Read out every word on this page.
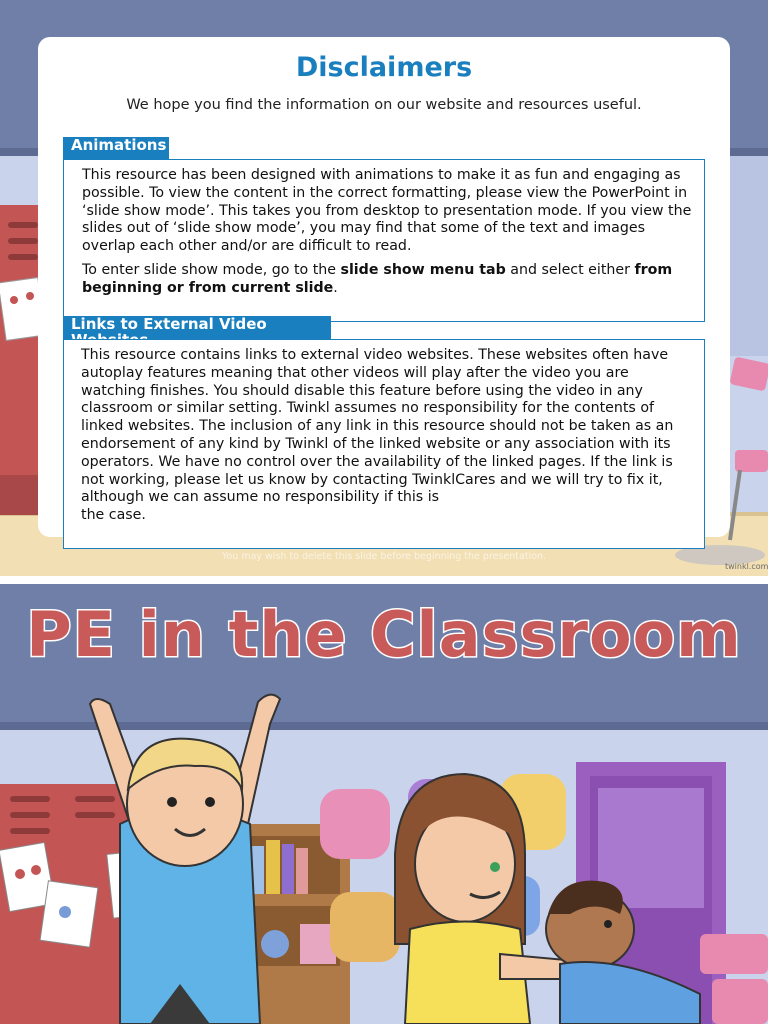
Disclaimers

We hope you find the information on our website and resources useful.

Animations

This resource has been designed with animations to make it as fun and engaging as possible. To view the content in the correct formatting, please view the PowerPoint in ‘slide show mode’. This takes you from desktop to presentation mode. If you view the slides out of ‘slide show mode’, you may find that some of the text and images overlap each other and/or are difficult to read.

To enter slide show mode, go to the slide show menu tab and select either from beginning or from current slide.

Links to External Video

This resource contains links to external video websites. These websites often have autoplay features meaning that other videos will play after the video you are watching finishes. You should disable this feature before using the video in any classroom or similar setting. Twinkl assumes no responsibility for the contents of linked websites. The inclusion of any link in this resource should not be taken as an endorsement of any kind by Twinkl of the linked website or any association with its operators. We have no control over the availability of the linked pages. If the link is not working, please let us know by contacting TwinklCares and we will try to fix it, although we can assume no responsibility if this is

the case.

You may wish to delete this slide before beginning the presentation.
twinkl.com
PE in the Classroom
